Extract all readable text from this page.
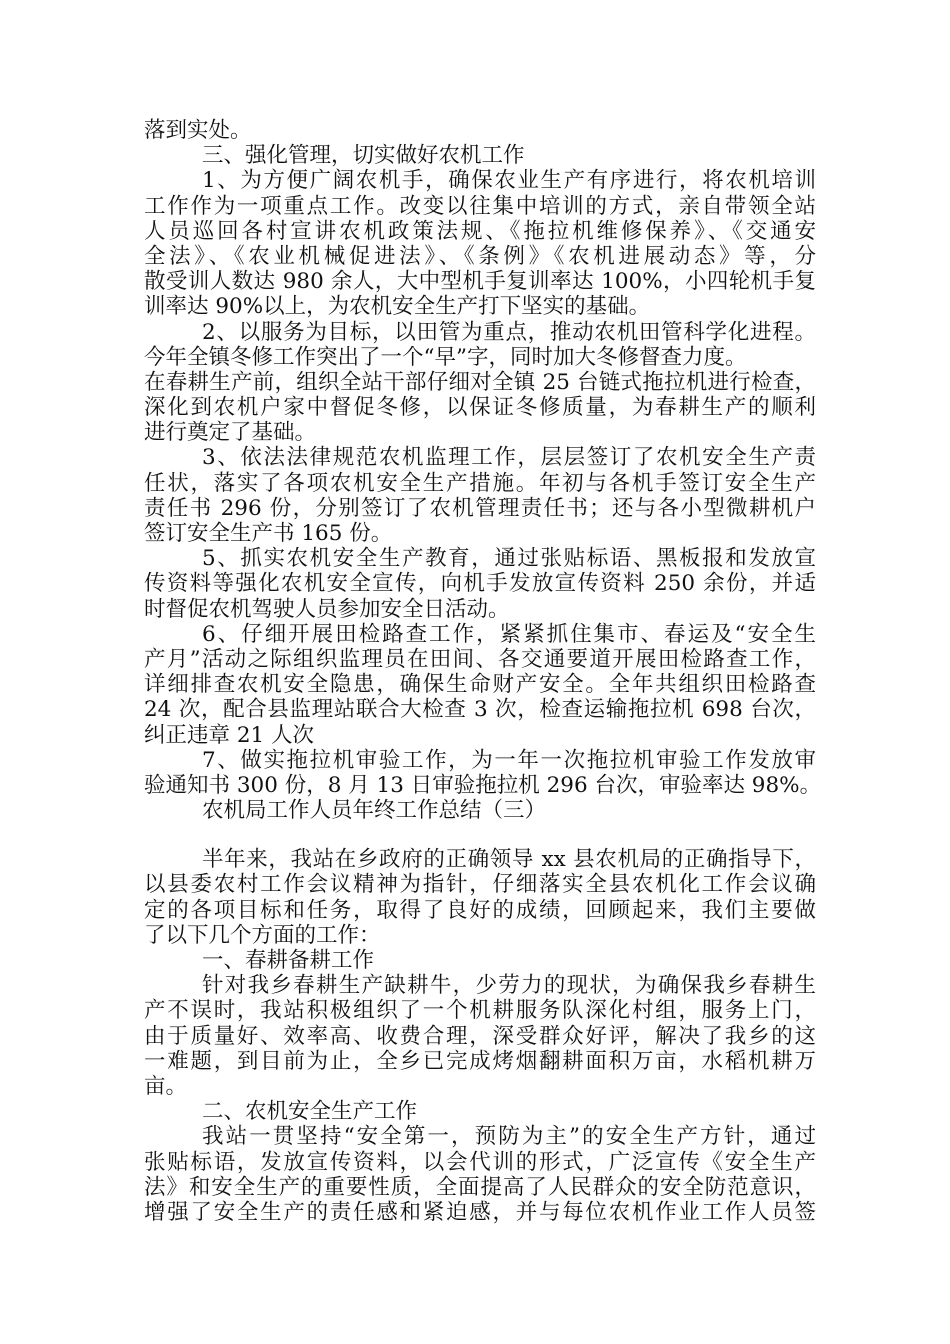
落到实处。
三、强化管理，切实做好农机工作
1、为方便广阔农机手，确保农业生产有序进行，将农机培训
工作作为一项重点工作。改变以往集中培训的方式，亲自带领全站
人员巡回各村宣讲农机政策法规、《拖拉机维修保养》、《交通安
全法》、《农业机械促进法》、《条例》《农机进展动态》等，分
散受训人数达 980 余人，大中型机手复训率达 100%，小四轮机手复
训率达 90%以上，为农机安全生产打下坚实的基础。
2、以服务为目标，以田管为重点，推动农机田管科学化进程。
今年全镇冬修工作突出了一个“早”字，同时加大冬修督查力度。
在春耕生产前，组织全站干部仔细对全镇 25 台链式拖拉机进行检查，
深化到农机户家中督促冬修，以保证冬修质量，为春耕生产的顺利
进行奠定了基础。
3、依法法律规范农机监理工作，层层签订了农机安全生产责
任状，落实了各项农机安全生产措施。年初与各机手签订安全生产
责任书 296 份，分别签订了农机管理责任书；还与各小型微耕机户
签订安全生产书 165 份。
5、抓实农机安全生产教育，通过张贴标语、黑板报和发放宣
传资料等强化农机安全宣传，向机手发放宣传资料 250 余份，并适
时督促农机驾驶人员参加安全日活动。
6、仔细开展田检路查工作，紧紧抓住集市、春运及“安全生
产月”活动之际组织监理员在田间、各交通要道开展田检路查工作，
详细排查农机安全隐患，确保生命财产安全。全年共组织田检路查
24 次，配合县监理站联合大检查 3 次，检查运输拖拉机 698 台次，
纠正违章 21 人次
7、做实拖拉机审验工作，为一年一次拖拉机审验工作发放审
验通知书 300 份，8 月 13 日审验拖拉机 296 台次，审验率达 98%。
农机局工作人员年终工作总结（三）
半年来，我站在乡政府的正确领导 xx 县农机局的正确指导下，
以县委农村工作会议精神为指针，仔细落实全县农机化工作会议确
定的各项目标和任务，取得了良好的成绩，回顾起来，我们主要做
了以下几个方面的工作：
一、春耕备耕工作
针对我乡春耕生产缺耕牛，少劳力的现状，为确保我乡春耕生
产不误时，我站积极组织了一个机耕服务队深化村组，服务上门，
由于质量好、效率高、收费合理，深受群众好评，解决了我乡的这
一难题，到目前为止，全乡已完成烤烟翻耕面积万亩，水稻机耕万
亩。
二、农机安全生产工作
我站一贯坚持“安全第一，预防为主”的安全生产方针，通过
张贴标语，发放宣传资料，以会代训的形式，广泛宣传《安全生产
法》和安全生产的重要性质，全面提高了人民群众的安全防范意识，
增强了安全生产的责任感和紧迫感，并与每位农机作业工作人员签
